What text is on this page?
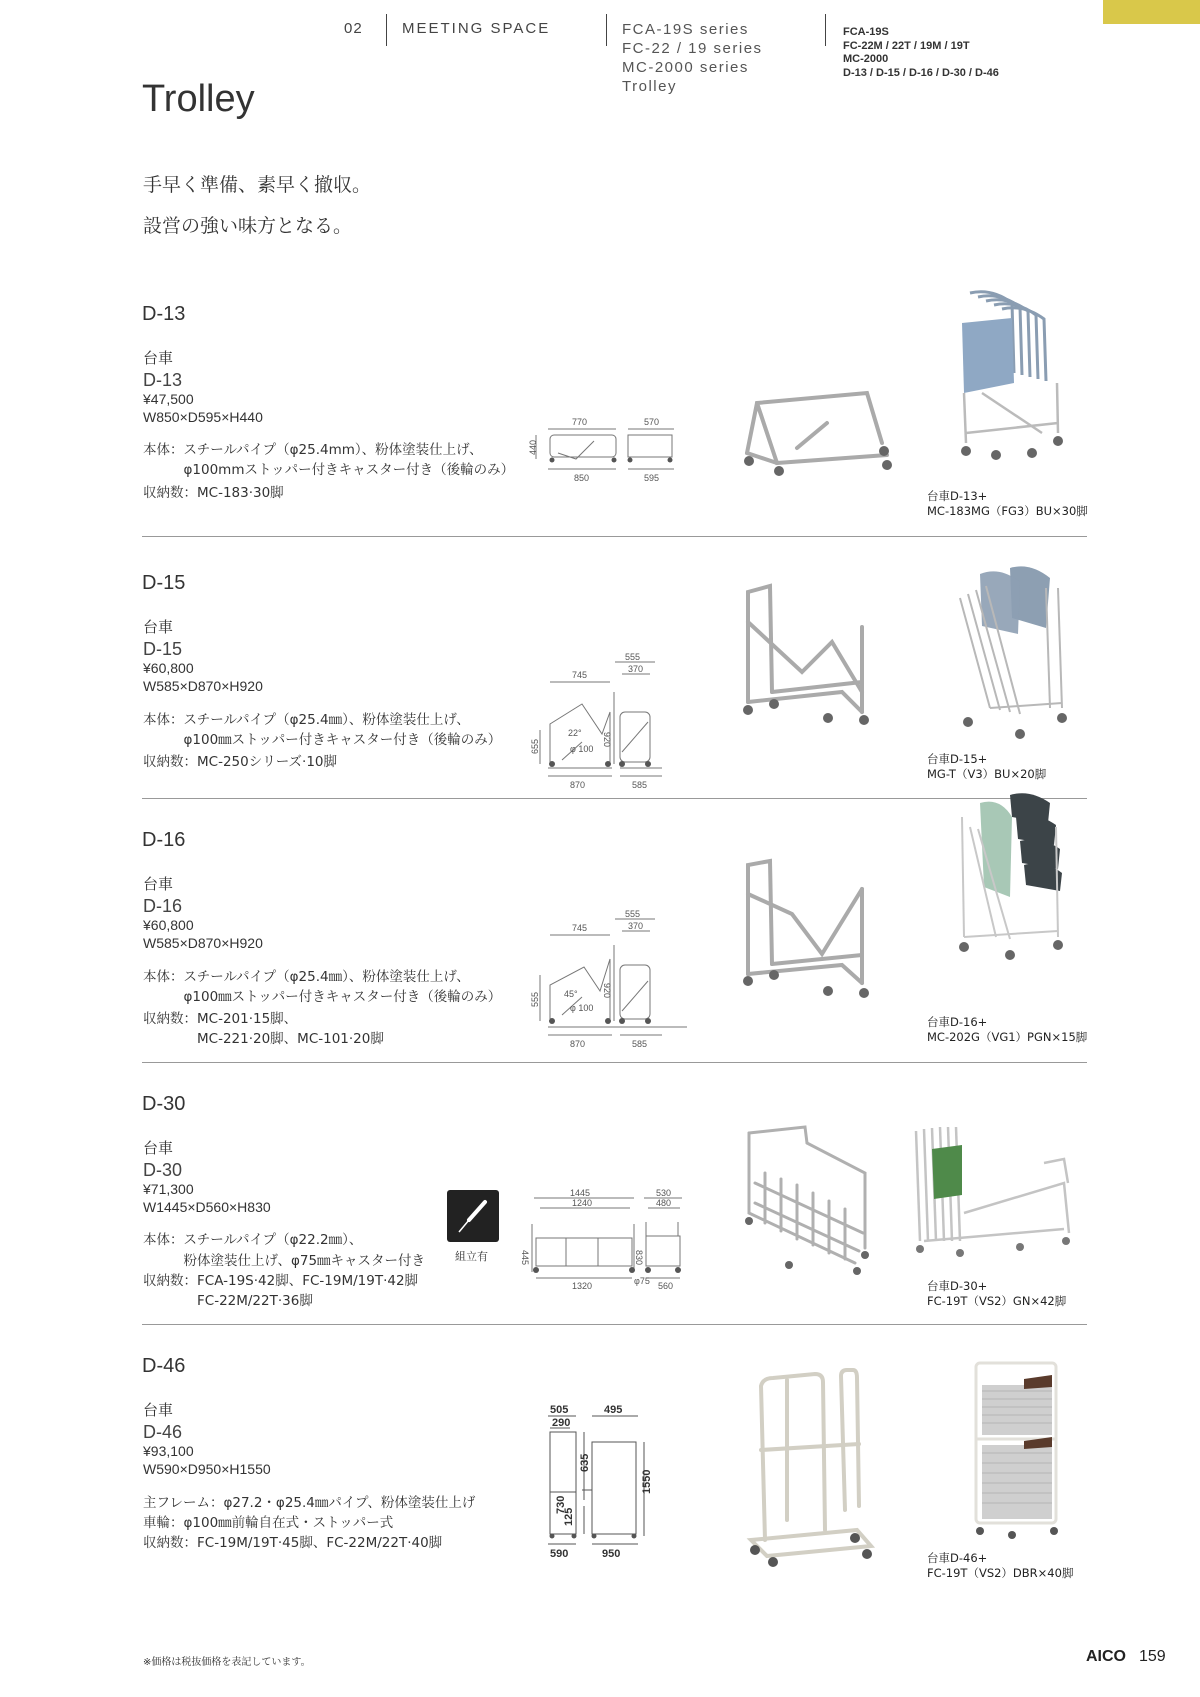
02	MEETING SPACE	FCA-19S series
FC-22 / 19 series
MC-2000 series
Trolley
FCA-19S
FC-22M / 22T / 19M / 19T
MC-2000
D-13 / D-15 / D-16 / D-30 / D-46
Trolley
手早く準備、素早く撤収。
設営の強い味方となる。
D-13
台車
D-13
¥47,500
W850×D595×H440
本体：スチールパイプ（φ25.4mm）、粉体塗装仕上げ、
　　　φ100mmストッパー付きキャスター付き（後輪のみ）
収納数：MC-183·30脚
770	570
440
850	595
台車D-13+
MC-183MG（FG3）BU×30脚
D-15
台車
D-15
¥60,800
W585×D870×H920
本体：スチールパイプ（φ25.4㎜）、粉体塗装仕上げ、
　　　φ100㎜ストッパー付きキャスター付き（後輪のみ）
収納数：MC-250シリーズ·10脚
745
555
370
655	920
22°
φ 100
870	585
台車D-15+
MG-T（V3）BU×20脚
D-16
台車
D-16
¥60,800
W585×D870×H920
本体：スチールパイプ（φ25.4㎜）、粉体塗装仕上げ、
　　　φ100㎜ストッパー付きキャスター付き（後輪のみ）
収納数：MC-201·15脚、
　　　　MC-221·20脚、MC-101·20脚
745
555
370
555
920
45°
φ 100
870	585
台車D-16+
MC-202G（VG1）PGN×15脚
D-30
台車
D-30
¥71,300
W1445×D560×H830
本体：スチールパイプ（φ22.2㎜）、
　　　粉体塗装仕上げ、φ75㎜キャスター付き
収納数：FCA-19S·42脚、FC-19M/19T·42脚
　　　　FC-22M/22T·36脚
組立有
1445
1240
530
480
445	830
1320	φ75 560	台車D-30+
FC-19T（VS2）GN×42脚
D-46
台車
D-46
¥93,100
W590×D950×H1550
主フレーム：φ27.2・φ25.4㎜パイプ、粉体塗装仕上げ
車輪：φ100㎜前輪自在式・ストッパー式
収納数：FC-19M/19T·45脚、FC-22M/22T·40脚
505	495
290
635
730
125
1550
590	950	台車D-46+
FC-19T（VS2）DBR×40脚
※価格は税抜価格を表記しています。	AICO 159
